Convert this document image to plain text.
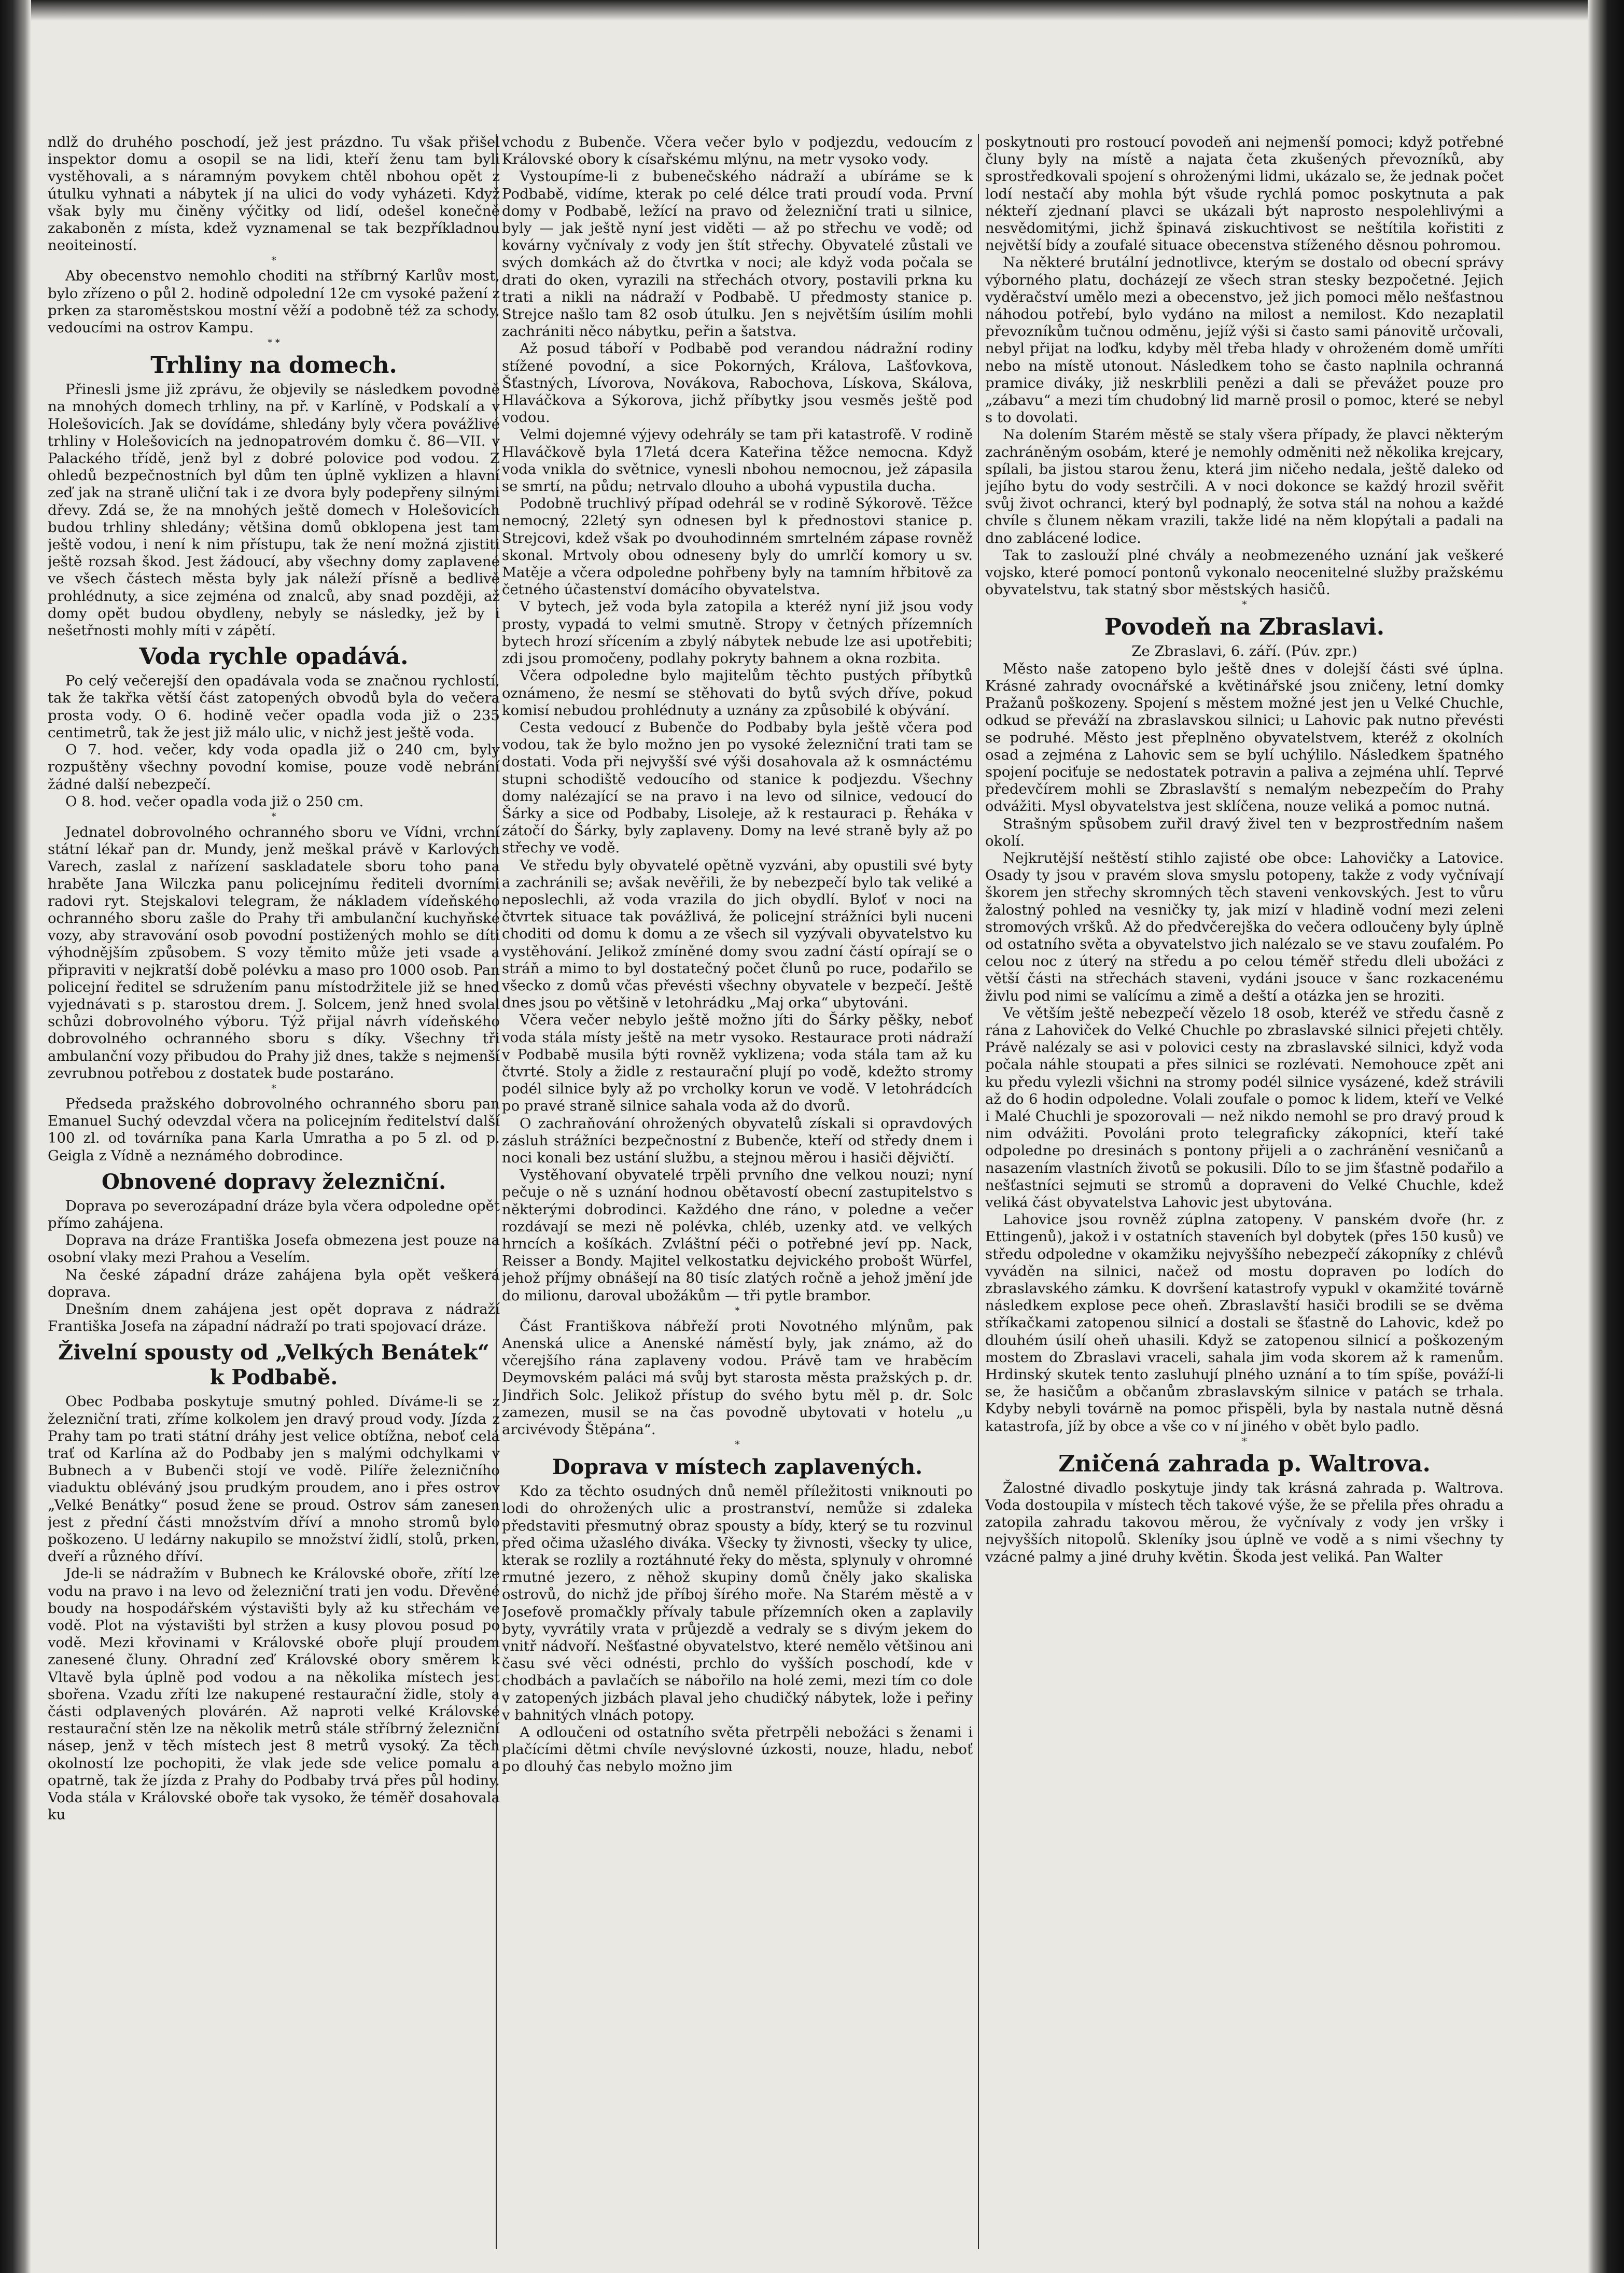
ndlž do druhého poschodí, jež jest prázdno. Tu však přišel inspektor domu a osopil se na lidi, kteří ženu tam byli vystěhovali, a s náramným povykem chtěl nbohou opět z útulku vyhnati a nábytek jí na ulici do vody vyházeti. Když však byly mu činěny výčitky od lidí, odešel konečně zakaboněn z místa, kdež vyznamenal se tak bezpříkladnou neoiteiností.

*

Aby obecenstvo nemohlo choditi na stříbrný Karlův most, bylo zřízeno o půl 2. hodině odpolední 12e cm vysoké pažení z prken za staroměstskou mostní věží a podobně též za schody, vedoucími na ostrov Kampu.

* *
Trhliny na domech.

Přinesli jsme již zprávu, že objevily se následkem povodně na mnohých domech trhliny, na př. v Karlíně, v Podskalí a v Holešovicích. Jak se dovídáme, shledány byly včera povážlivé trhliny v Holešovicích na jednopatrovém domku č. 86—VII. v Palackého třídě, jenž byl z dobré polovice pod vodou. Z ohledů bezpečnostních byl dům ten úplně vyklizen a hlavní zeď jak na straně uliční tak i ze dvora byly podepřeny silnými dřevy. Zdá se, že na mnohých ještě domech v Holešovicích budou trhliny shledány; většina domů obklopena jest tam ještě vodou, i není k nim přístupu, tak že není možná zjistiti ještě rozsah škod. Jest žádoucí, aby všechny domy zaplavené ve všech částech města byly jak náleží přísně a bedlivě prohlédnuty, a sice zejména od znalců, aby snad později, až domy opět budou obydleny, nebyly se následky, jež by i nešetřnosti mohly míti v zápětí.

Voda rychle opadává.

Po celý večerejší den opadávala voda se značnou rychlostí, tak že takřka větší část zatopených obvodů byla do večera prosta vody. O 6. hodině večer opadla voda již o 235 centimetrů, tak že jest již málo ulic, v nichž jest ještě voda.

O 7. hod. večer, kdy voda opadla již o 240 cm, byly rozpuštěny všechny povodní komise, pouze vodě nebrání žádné další nebezpečí.

O 8. hod. večer opadla voda již o 250 cm.

*

Jednatel dobrovolného ochranného sboru ve Vídni, vrchní státní lékař pan dr. Mundy, jenž meškal právě v Karlových Varech, zaslal z nařízení saskladatele sboru toho pana hraběte Jana Wilczka panu policejnímu řediteli dvorními radovi ryt. Stejskalovi telegram, že nákladem vídeňského ochranného sboru zašle do Prahy tři ambulanční kuchyňské vozy, aby stravování osob povodní postižených mohlo se díti výhodnějším způsobem. S vozy těmito může jeti vsade a připraviti v nejkratší době polévku a maso pro 1000 osob. Pan policejní ředitel se sdružením panu místodržitele již se hned vyjednávati s p. starostou drem. J. Solcem, jenž hned svolal schůzi dobrovolného výboru. Týž přijal návrh vídeňského dobrovolného ochranného sboru s díky. Všechny tři ambulanční vozy přibudou do Prahy již dnes, takže s nejmenší zevrubnou potřebou z dostatek bude postaráno.

*

Předseda pražského dobrovolného ochranného sboru pan Emanuel Suchý odevzdal včera na policejním ředitelství další 100 zl. od továrníka pana Karla Umratha a po 5 zl. od p. Geigla z Vídně a neznámého dobrodince.

Obnovené dopravy železniční.

Doprava po severozápadní dráze byla včera odpoledne opět přímo zahájena.

Doprava na dráze Františka Josefa obmezena jest pouze na osobní vlaky mezi Prahou a Veselím.

Na české západní dráze zahájena byla opět veškerá doprava.

Dnešním dnem zahájena jest opět doprava z nádraží Františka Josefa na západní nádraží po trati spojovací dráze.

Živelní spousty od „Velkých Benátek“ k Podbabě.

Obec Podbaba poskytuje smutný pohled. Díváme-li se z železniční trati, zříme kolkolem jen dravý proud vody. Jízda z Prahy tam po trati státní dráhy jest velice obtížna, neboť celá trať od Karlína až do Podbaby jen s malými odchylkami v Bubnech a v Bubenči stojí ve vodě. Pilíře železničního viaduktu obléváný jsou prudkým proudem, ano i přes ostrov „Velké Benátky“ posud žene se proud. Ostrov sám zanesen jest z přední části množstvím dříví a mnoho stromů bylo poškozeno. U ledárny nakupilo se množství židlí, stolů, prken, dveří a různého dříví.

Jde-li se nádražím v Bubnech ke Královské oboře, zřítí lze vodu na pravo i na levo od železniční trati jen vodu. Dřevěné boudy na hospodářském výstavišti byly až ku střechám ve vodě. Plot na výstavišti byl stržen a kusy plovou posud po vodě. Mezi křovinami v Královské oboře plují proudem zanesené čluny. Ohradní zeď Královské obory směrem k Vltavě byla úplně pod vodou a na několika místech jest sbořena. Vzadu zříti lze nakupené restaurační židle, stoly a části odplavených plovárén. Až naproti velké Královské restaurační stěn lze na několik metrů stále stříbrný železniční násep, jenž v těch místech jest 8 metrů vysoký. Za těch okolností lze pochopiti, že vlak jede sde velice pomalu a opatrně, tak že jízda z Prahy do Podbaby trvá přes půl hodiny. Voda stála v Královské oboře tak vysoko, že téměř dosahovala ku

vchodu z Bubenče. Včera večer bylo v podjezdu, vedoucím z Královské obory k císařskému mlýnu, na metr vysoko vody.

Vystoupíme-li z bubenečského nádraží a ubíráme se k Podbabě, vidíme, kterak po celé délce trati proudí voda. První domy v Podbabě, ležící na pravo od železniční trati u silnice, byly — jak ještě nyní jest viděti — až po střechu ve vodě; od kovárny vyčnívaly z vody jen štít střechy. Obyvatelé zůstali ve svých domkách až do čtvrtka v noci; ale když voda počala se drati do oken, vyrazili na střechách otvory, postavili prkna ku trati a nikli na nádraží v Podbabě. U předmosty stanice p. Strejce našlo tam 82 osob útulku. Jen s největším úsilím mohli zachrániti něco nábytku, peřin a šatstva.

Až posud táboří v Podbabě pod verandou nádražní rodiny stížené povodní, a sice Pokorných, Králova, Lašťovkova, Šťastných, Lívorova, Novákova, Rabochova, Lískova, Skálova, Hlaváčkova a Sýkorova, jichž příbytky jsou vesměs ještě pod vodou.

Velmi dojemné výjevy odehrály se tam při katastrofě. V rodině Hlaváčkově byla 17letá dcera Kateřina těžce nemocna. Když voda vnikla do světnice, vynesli nbohou nemocnou, jež zápasila se smrtí, na půdu; netrvalo dlouho a ubohá vypustila ducha.

Podobně truchlivý případ odehrál se v rodině Sýkorově. Těžce nemocný, 22letý syn odnesen byl k přednostovi stanice p. Strejcovi, kdež však po dvouhodinném smrtelném zápase rovněž skonal. Mrtvoly obou odneseny byly do umrlčí komory u sv. Matěje a včera odpoledne pohřbeny byly na tamním hřbitově za četného účastenství domácího obyvatelstva.

V bytech, jež voda byla zatopila a kteréž nyní již jsou vody prosty, vypadá to velmi smutně. Stropy v četných přízemních bytech hrozí sřícením a zbylý nábytek nebude lze asi upotřebiti; zdi jsou promočeny, podlahy pokryty bahnem a okna rozbita.

Včera odpoledne bylo majitelům těchto pustých příbytků oznámeno, že nesmí se stěhovati do bytů svých dříve, pokud komisí nebudou prohlédnuty a uznány za způsobilé k obývání.

Cesta vedoucí z Bubenče do Podbaby byla ještě včera pod vodou, tak že bylo možno jen po vysoké železniční trati tam se dostati. Voda při nejvyšší své výši dosahovala až k osmnáctému stupni schodiště vedoucího od stanice k podjezdu. Všechny domy nalézající se na pravo i na levo od silnice, vedoucí do Šárky a sice od Podbaby, Lisoleje, až k restauraci p. Řeháka v zátočí do Šárky, byly zaplaveny. Domy na levé straně byly až po střechy ve vodě.

Ve středu byly obyvatelé opětně vyzváni, aby opustili své byty a zachránili se; avšak nevěřili, že by nebezpečí bylo tak veliké a neposlechli, až voda vrazila do jich obydlí. Byloť v noci na čtvrtek situace tak povážlivá, že policejní strážníci byli nuceni choditi od domu k domu a ze všech sil vyzývali obyvatelstvo ku vystěhování. Jelikož zmíněné domy svou zadní částí opírají se o stráň a mimo to byl dostatečný počet člunů po ruce, podařilo se všecko z domů včas převésti všechny obyvatele v bezpečí. Ještě dnes jsou po většině v letohrádku „Maj orka“ ubytováni.

Včera večer nebylo ještě možno jíti do Šárky pěšky, neboť voda stála místy ještě na metr vysoko. Restaurace proti nádraží v Podbabě musila býti rovněž vyklizena; voda stála tam až ku čtvrté. Stoly a židle z restaurační plují po vodě, kdežto stromy podél silnice byly až po vrcholky korun ve vodě. V letohrádcích po pravé straně silnice sahala voda až do dvorů.

O zachraňování ohrožených obyvatelů získali si opravdových zásluh strážníci bezpečnostní z Bubenče, kteří od středy dnem i noci konali bez ustání službu, a stejnou měrou i hasiči dějvičtí.

Vystěhovaní obyvatelé trpěli prvního dne velkou nouzi; nyní pečuje o ně s uznání hodnou obětavostí obecní zastupitelstvo s některými dobrodinci. Každého dne ráno, v poledne a večer rozdávají se mezi ně polévka, chléb, uzenky atd. ve velkých hrncích a košíkách. Zvláštní péči o potřebné jeví pp. Nack, Reisser a Bondy. Majitel velkostatku dejvického probošt Würfel, jehož příjmy obnášejí na 80 tisíc zlatých ročně a jehož jmění jde do milionu, daroval ubožákům — tři pytle brambor.

*

Část Františkova nábřeží proti Novotného mlýnům, pak Anenská ulice a Anenské náměstí byly, jak známo, až do včerejšího rána zaplaveny vodou. Právě tam ve hraběcím Deymovském paláci má svůj byt starosta města pražských p. dr. Jindřich Solc. Jelikož přístup do svého bytu měl p. dr. Solc zamezen, musil se na čas povodně ubytovati v hotelu „u arcivévody Štěpána“.

*
Doprava v místech zaplavených.

Kdo za těchto osudných dnů neměl příležitosti vniknouti po lodi do ohrožených ulic a prostranství, nemůže si zdaleka představiti přesmutný obraz spousty a bídy, který se tu rozvinul před očima užaslého diváka. Všecky ty živnosti, všecky ty ulice, kterak se rozlily a roztáhnuté řeky do města, splynuly v ohromné rmutné jezero, z něhož skupiny domů čněly jako skaliska ostrovů, do nichž jde příboj šírého moře. Na Starém městě a v Josefově promačkly přívaly tabule přízemních oken a zaplavily byty, vyvrátily vrata v průjezdě a vedraly se s divým jekem do vnitř nádvoří. Nešťastné obyvatelstvo, které nemělo většinou ani času své věci odnésti, prchlo do vyšších poschodí, kde v chodbách a pavlačích se nábořilo na holé zemi, mezi tím co dole v zatopených jizbách plaval jeho chudičký nábytek, lože i peřiny v bahnitých vlnách potopy.

A odloučeni od ostatního světa přetrpěli nebožáci s ženami i plačícími dětmi chvíle nevýslovné úzkosti, nouze, hladu, neboť po dlouhý čas nebylo možno jim

poskytnouti pro rostoucí povodeň ani nejmenší pomoci; když potřebné čluny byly na místě a najata četa zkušených převozníků, aby sprostředkovali spojení s ohroženými lidmi, ukázalo se, že jednak počet lodí nestačí aby mohla být všude rychlá pomoc poskytnuta a pak nékteří zjednaní plavci se ukázali být naprosto nespolehlivými a nesvědomitými, jichž špinavá ziskuchtivost se neštítila kořistiti z největší bídy a zoufalé situace obecenstva stíženého děsnou pohromou.

Na některé brutální jednotlivce, kterým se dostalo od obecní správy výborného platu, docházejí ze všech stran stesky bezpočetné. Jejich vyděračství umělo mezi a obecenstvo, jež jich pomoci mělo nešťastnou náhodou potřebí, bylo vydáno na milost a nemilost. Kdo nezaplatil převozníkům tučnou odměnu, jejíž výši si často sami pánovitě určovali, nebyl přijat na loďku, kdyby měl třeba hlady v ohroženém domě umříti nebo na místě utonout. Následkem toho se často naplnila ochranná pramice diváky, již neskrblili penězi a dali se převážet pouze pro „zábavu“ a mezi tím chudobný lid marně prosil o pomoc, které se nebyl s to dovolati.

Na dolením Starém městě se staly všera případy, že plavci některým zachráněným osobám, které je nemohly odměniti než několika krejcary, spílali, ba jistou starou ženu, která jim ničeho nedala, ještě dalekо od jejího bytu do vody sestrčili. A v noci dokonce se každý hrozil svěřit svůj život ochranci, který byl podnaplý, že sotva stál na nohou a každé chvíle s člunem někam vrazili, takže lidé na něm klopýtali a padali na dno zablácené lodice.

Tak to zaslouží plné chvály a neobmezeného uznání jak veškeré vojsko, které pomocí pontonů vykonalo neocenitelné služby pražskému obyvatelstvu, tak statný sbor městských hasičů.

*
Povodeň na Zbraslavi.

Ze Zbraslavi, 6. září. (Púv. zpr.)

Město naše zatopeno bylo ještě dnes v dolejší části své úplna. Krásné zahrady ovocnářské a květinářské jsou zničeny, letní domky Pražanů poškozeny. Spojení s městem možné jest jen u Velké Chuchle, odkud se převáží na zbraslavskou silnici; u Lahovic pak nutno převésti se podruhé. Město jest přeplněno obyvatelstvem, kteréž z okolních osad a zejména z Lahovic sem se bylí uchýlilo. Následkem špatného spojení pociťuje se nedostatek potravin a paliva a zejména uhlí. Teprvé předevčírem mohli se Zbraslavští s nemalým nebezpečím do Prahy odvážiti. Mysl obyvatelstva jest sklíčena, nouze veliká a pomoc nutná.

Strašným spůsobem zuřil dravý živel ten v bezprostředním našem okolí.

Nejkrutější neštěstí stihlo zajisté obe obce: Lahovičky a Latovice. Osady ty jsou v pravém slova smyslu potopeny, takže z vody vyčnívají škorem jen střechy skromných těch staveni venkovských. Jest to vůru žalostný pohled na vesničky ty, jak mizí v hladině vodní mezi zeleni stromových vršků. Až do předvčerejška do večera odloučeny byly úplně od ostatního světa a obyvatelstvo jich nalézalo se ve stavu zoufalém. Po celou noc z úterý na středu a po celou téměř středu dleli ubožáci z větší části na střechách staveni, vydáni jsouce v šanc rozkacenému živlu pod nimi se valícímu a zimě a deští a otázka jen se hroziti.

Ve větším ještě nebezpečí vězelo 18 osob, kteréž ve středu časně z rána z Lahoviček do Velké Chuchle po zbraslavské silnici přejeti chtěly. Právě nalézaly se asi v polovici cesty na zbraslavské silnici, když voda počala náhle stoupati a přes silnici se rozlévati. Nemohouce zpět ani ku předu vylezli všichni na stromy podél silnice vysázené, kdež strávili až do 6 hodin odpoledne. Volali zoufale o pomoc k lidem, kteří ve Velké i Malé Chuchli je spozorovali — než nikdo nemohl se pro dravý proud k nim odvážiti. Povoláni proto telegraficky zákopníci, kteří také odpoledne po dresinách s pontony přijeli a o zachránění vesničanů a nasazením vlastních životů se pokusili. Dílo to se jim šťastně podařilo a nešťastníci sejmuti se stromů a dopraveni do Velké Chuchle, kdež veliká část obyvatelstva Lahovic jest ubytována.

Lahovice jsou rovněž zúplna zatopeny. V panském dvoře (hr. z Ettingenů), jakož i v ostatních staveních byl dobytek (přes 150 kusů) ve středu odpoledne v okamžiku nejvyššího nebezpečí zákopníky z chlévů vyváděn na silnici, načež od mostu dopraven po lodích do zbraslavského zámku. K dovršení katastrofy vypukl v okamžité továrně následkem explose pece oheň. Zbraslavští hasiči brodili se se dvěma stříkačkami zatopenou silnicí a dostali se šťastně do Lahovic, kdež po dlouhém úsilí oheň uhasili. Když se zatopenou silnicí a poškozeným mostem do Zbraslavi vraceli, sahala jim voda skorem až k ramenům. Hrdinský skutek tento zasluhují plného uznání a to tím spíše, pováží-li se, že hasičům a občanům zbraslavským silnice v patách se trhala. Kdyby nebyli továrně na pomoc přispěli, byla by nastala nutně děsná katastrofa, jíž by obce a vše co v ní jiného v obět bylo padlo.

*
Zničená zahrada p. Waltrova.

Žalostné divadlo poskytuje jindy tak krásná zahrada p. Waltrova. Voda dostoupila v místech těch takové výše, že se přelila přes ohradu a zatopila zahradu takovou měrou, že vyčnívaly z vody jen vršky i nejvyšších nitopolů. Skleníky jsou úplně ve vodě a s nimi všechny ty vzácné palmy a jiné druhy květin. Škoda jest veliká. Pan Walter
